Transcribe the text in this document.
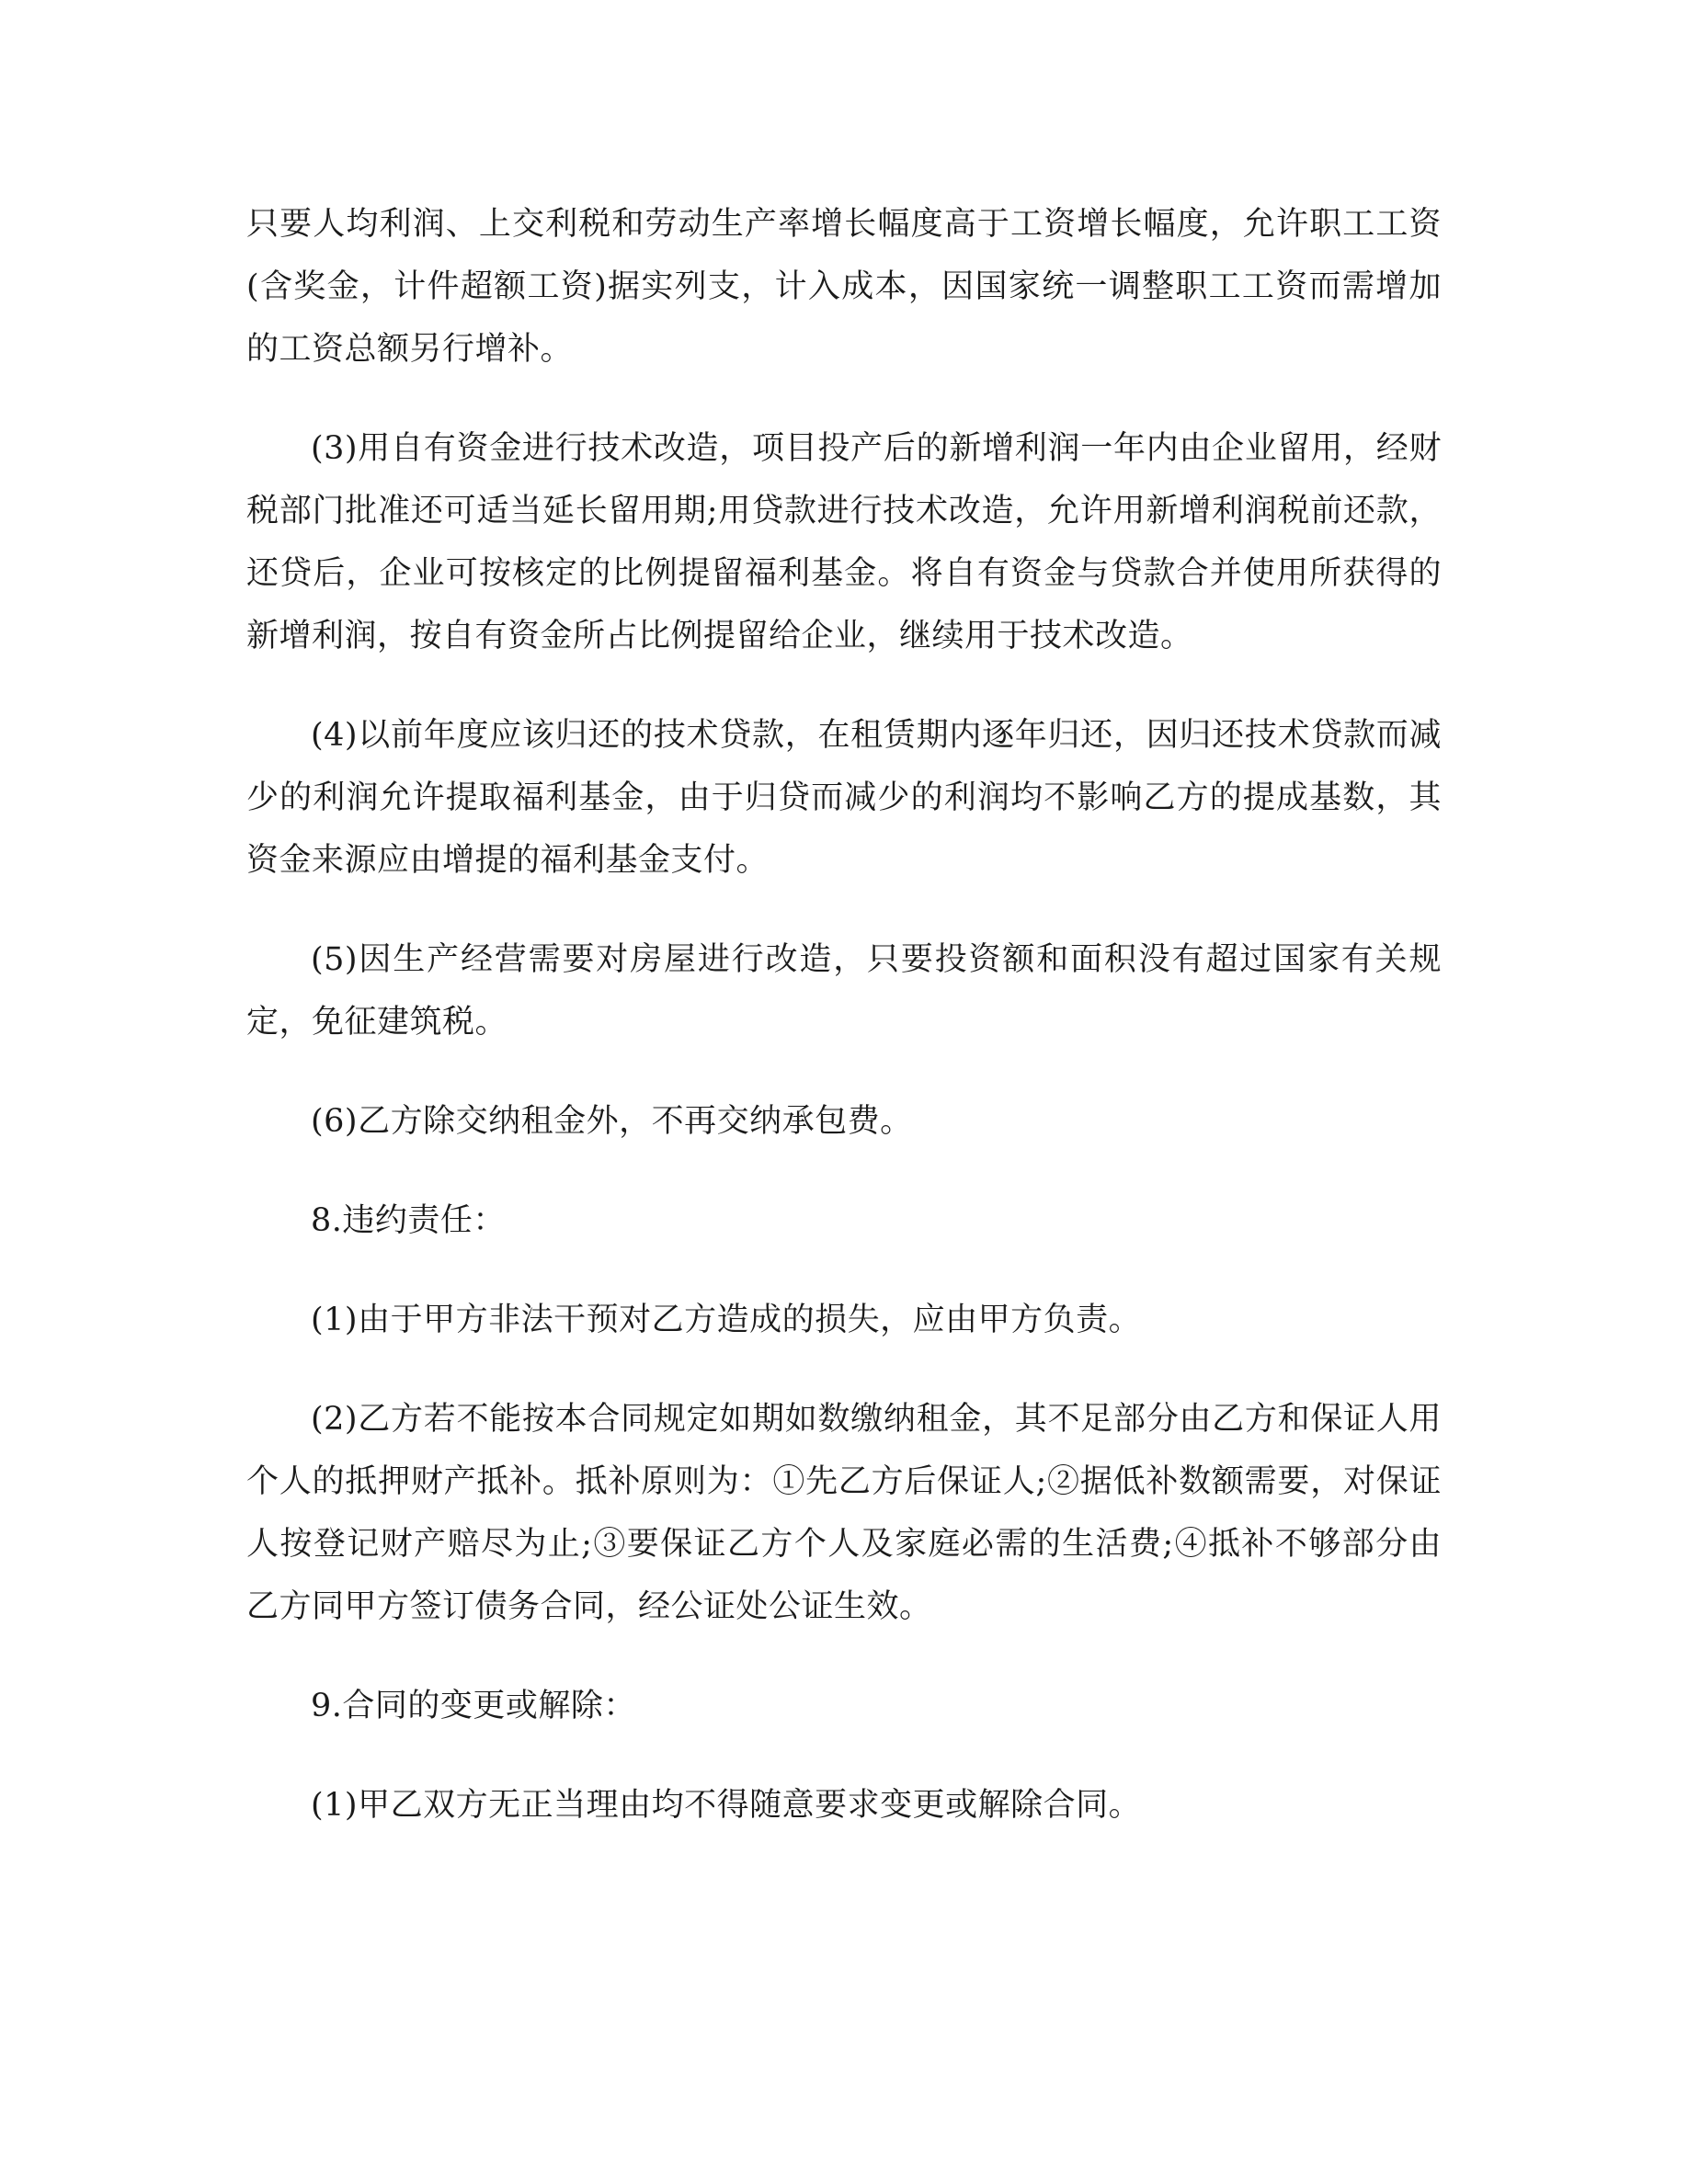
只要人均利润、上交利税和劳动生产率增长幅度高于工资增长幅度，允许职工工资(含奖金，计件超额工资)据实列支，计入成本，因国家统一调整职工工资而需增加的工资总额另行增补。

(3)用自有资金进行技术改造，项目投产后的新增利润一年内由企业留用，经财税部门批准还可适当延长留用期;用贷款进行技术改造，允许用新增利润税前还款，还贷后，企业可按核定的比例提留福利基金。将自有资金与贷款合并使用所获得的新增利润，按自有资金所占比例提留给企业，继续用于技术改造。

(4)以前年度应该归还的技术贷款，在租赁期内逐年归还，因归还技术贷款而减少的利润允许提取福利基金，由于归贷而减少的利润均不影响乙方的提成基数，其资金来源应由增提的福利基金支付。

(5)因生产经营需要对房屋进行改造，只要投资额和面积没有超过国家有关规定，免征建筑税。

(6)乙方除交纳租金外，不再交纳承包费。

8.违约责任：

(1)由于甲方非法干预对乙方造成的损失，应由甲方负责。

(2)乙方若不能按本合同规定如期如数缴纳租金，其不足部分由乙方和保证人用个人的抵押财产抵补。抵补原则为：①先乙方后保证人;②据低补数额需要，对保证人按登记财产赔尽为止;③要保证乙方个人及家庭必需的生活费;④抵补不够部分由乙方同甲方签订债务合同，经公证处公证生效。

9.合同的变更或解除：

(1)甲乙双方无正当理由均不得随意要求变更或解除合同。
